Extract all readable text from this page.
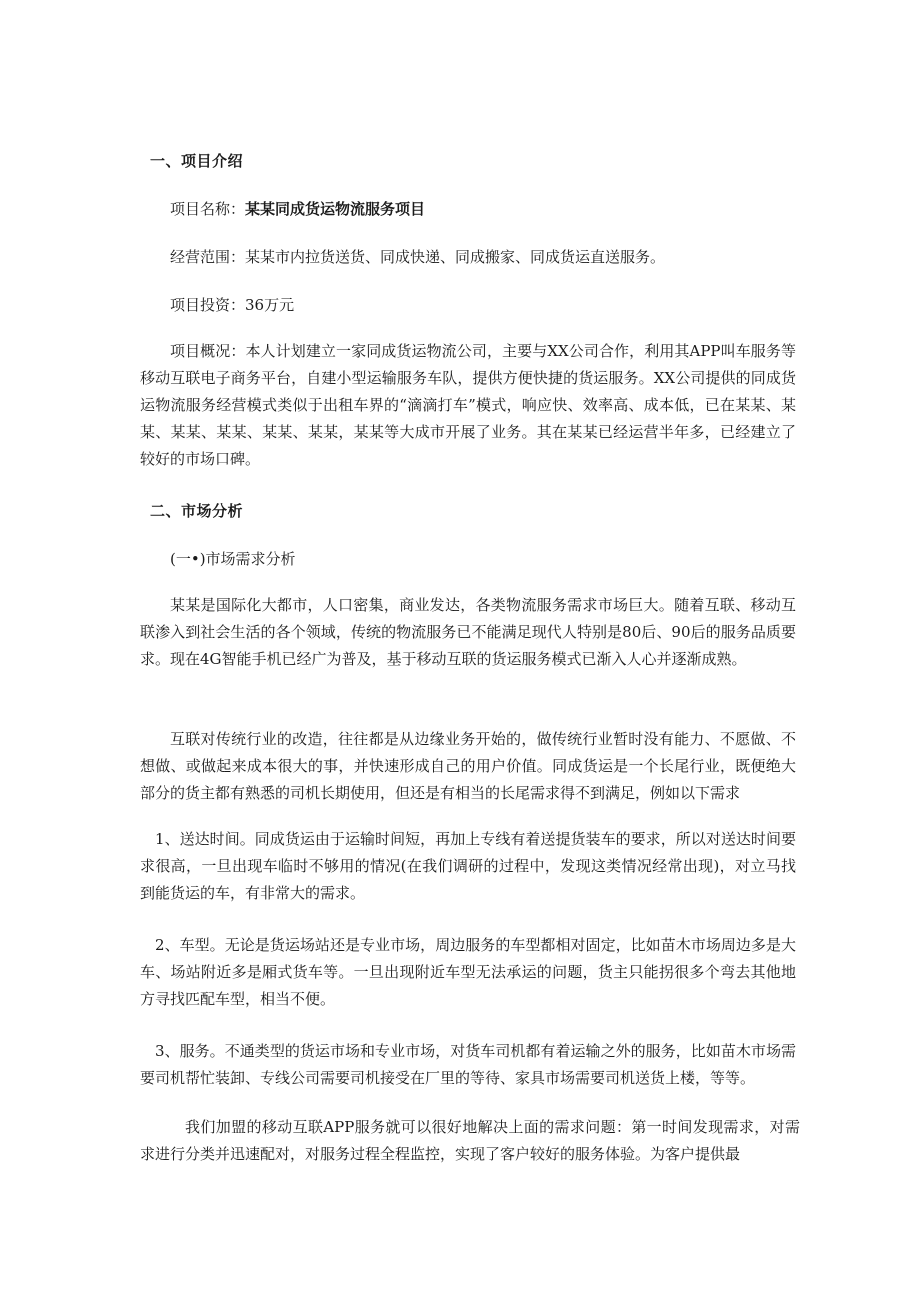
一、项目介绍
项目名称：某某同成货运物流服务项目
经营范围：某某市内拉货送货、同成快递、同成搬家、同成货运直送服务。
项目投资：36万元
项目概况：本人计划建立一家同成货运物流公司，主要与XX公司合作，利用其APP叫车服务等移动互联电子商务平台，自建小型运输服务车队，提供方便快捷的货运服务。XX公司提供的同成货运物流服务经营模式类似于出租车界的“滴滴打车”模式，响应快、效率高、成本低，已在某某、某某、某某、某某、某某、某某，某某等大成市开展了业务。其在某某已经运营半年多，已经建立了较好的市场口碑。
二、市场分析
(一•)市场需求分析
某某是国际化大都市，人口密集，商业发达，各类物流服务需求市场巨大。随着互联、移动互联渗入到社会生活的各个领域，传统的物流服务已不能满足现代人特别是80后、90后的服务品质要求。现在4G智能手机已经广为普及，基于移动互联的货运服务模式已渐入人心并逐渐成熟。
互联对传统行业的改造，往往都是从边缘业务开始的，做传统行业暂时没有能力、不愿做、不想做、或做起来成本很大的事，并快速形成自己的用户价值。同成货运是一个长尾行业，既便绝大部分的货主都有熟悉的司机长期使用，但还是有相当的长尾需求得不到满足，例如以下需求
1、送达时间。同成货运由于运输时间短，再加上专线有着送提货装车的要求，所以对送达时间要求很高，一旦出现车临时不够用的情况(在我们调研的过程中，发现这类情况经常出现)，对立马找到能货运的车，有非常大的需求。
2、车型。无论是货运场站还是专业市场，周边服务的车型都相对固定，比如苗木市场周边多是大车、场站附近多是厢式货车等。一旦出现附近车型无法承运的问题，货主只能拐很多个弯去其他地方寻找匹配车型，相当不便。
3、服务。不通类型的货运市场和专业市场，对货车司机都有着运输之外的服务，比如苗木市场需要司机帮忙装卸、专线公司需要司机接受在厂里的等待、家具市场需要司机送货上楼，等等。
我们加盟的移动互联APP服务就可以很好地解决上面的需求问题：第一时间发现需求，对需求进行分类并迅速配对，对服务过程全程监控，实现了客户较好的服务体验。为客户提供最
